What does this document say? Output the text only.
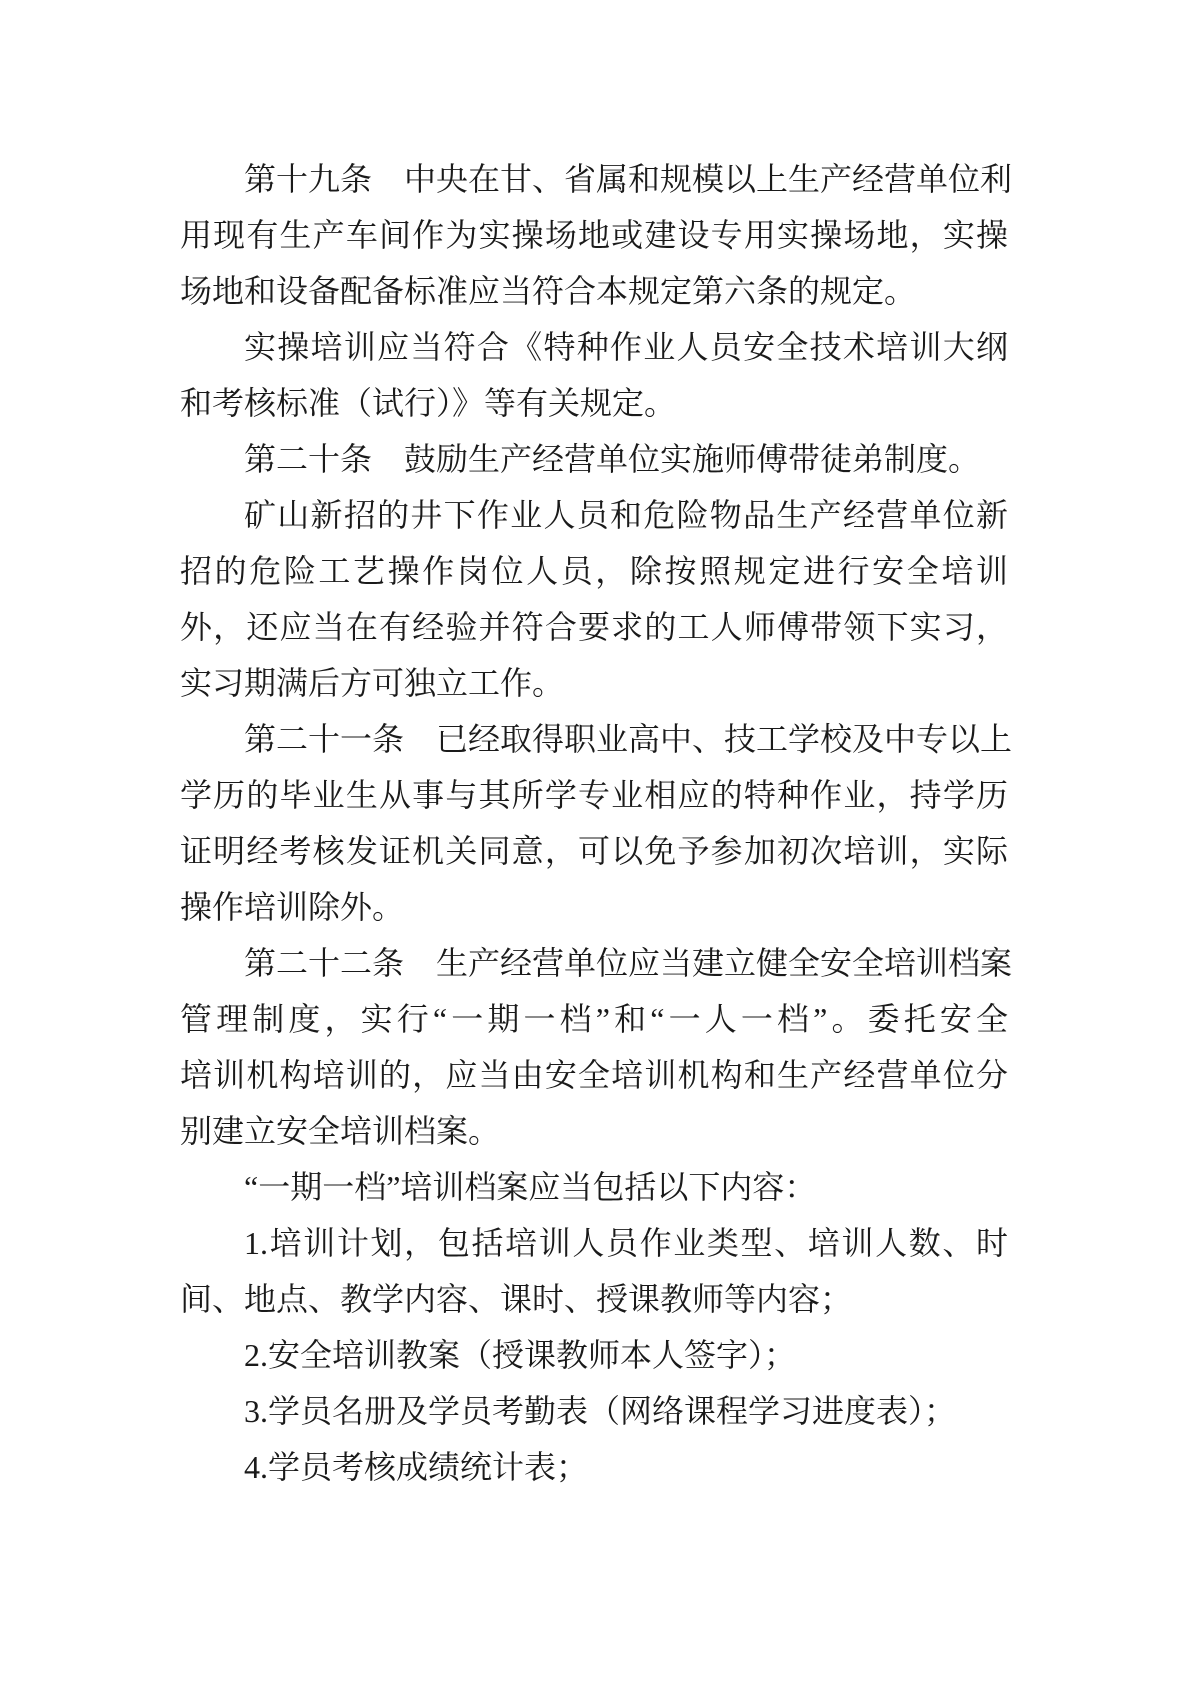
第十九条　中央在甘、省属和规模以上生产经营单位利
用现有生产车间作为实操场地或建设专用实操场地，实操
场地和设备配备标准应当符合本规定第六条的规定。
实操培训应当符合《特种作业人员安全技术培训大纲
和考核标准（试行）》等有关规定。
第二十条　鼓励生产经营单位实施师傅带徒弟制度。
矿山新招的井下作业人员和危险物品生产经营单位新
招的危险工艺操作岗位人员，除按照规定进行安全培训
外，还应当在有经验并符合要求的工人师傅带领下实习，
实习期满后方可独立工作。
第二十一条　已经取得职业高中、技工学校及中专以上
学历的毕业生从事与其所学专业相应的特种作业，持学历
证明经考核发证机关同意，可以免予参加初次培训，实际
操作培训除外。
第二十二条　生产经营单位应当建立健全安全培训档案
管理制度，实行“一期一档”和“一人一档”。委托安全
培训机构培训的，应当由安全培训机构和生产经营单位分
别建立安全培训档案。
“一期一档”培训档案应当包括以下内容：
1.培训计划，包括培训人员作业类型、培训人数、时
间、地点、教学内容、课时、授课教师等内容；
2.安全培训教案（授课教师本人签字）；
3.学员名册及学员考勤表（网络课程学习进度表）；
4.学员考核成绩统计表；
